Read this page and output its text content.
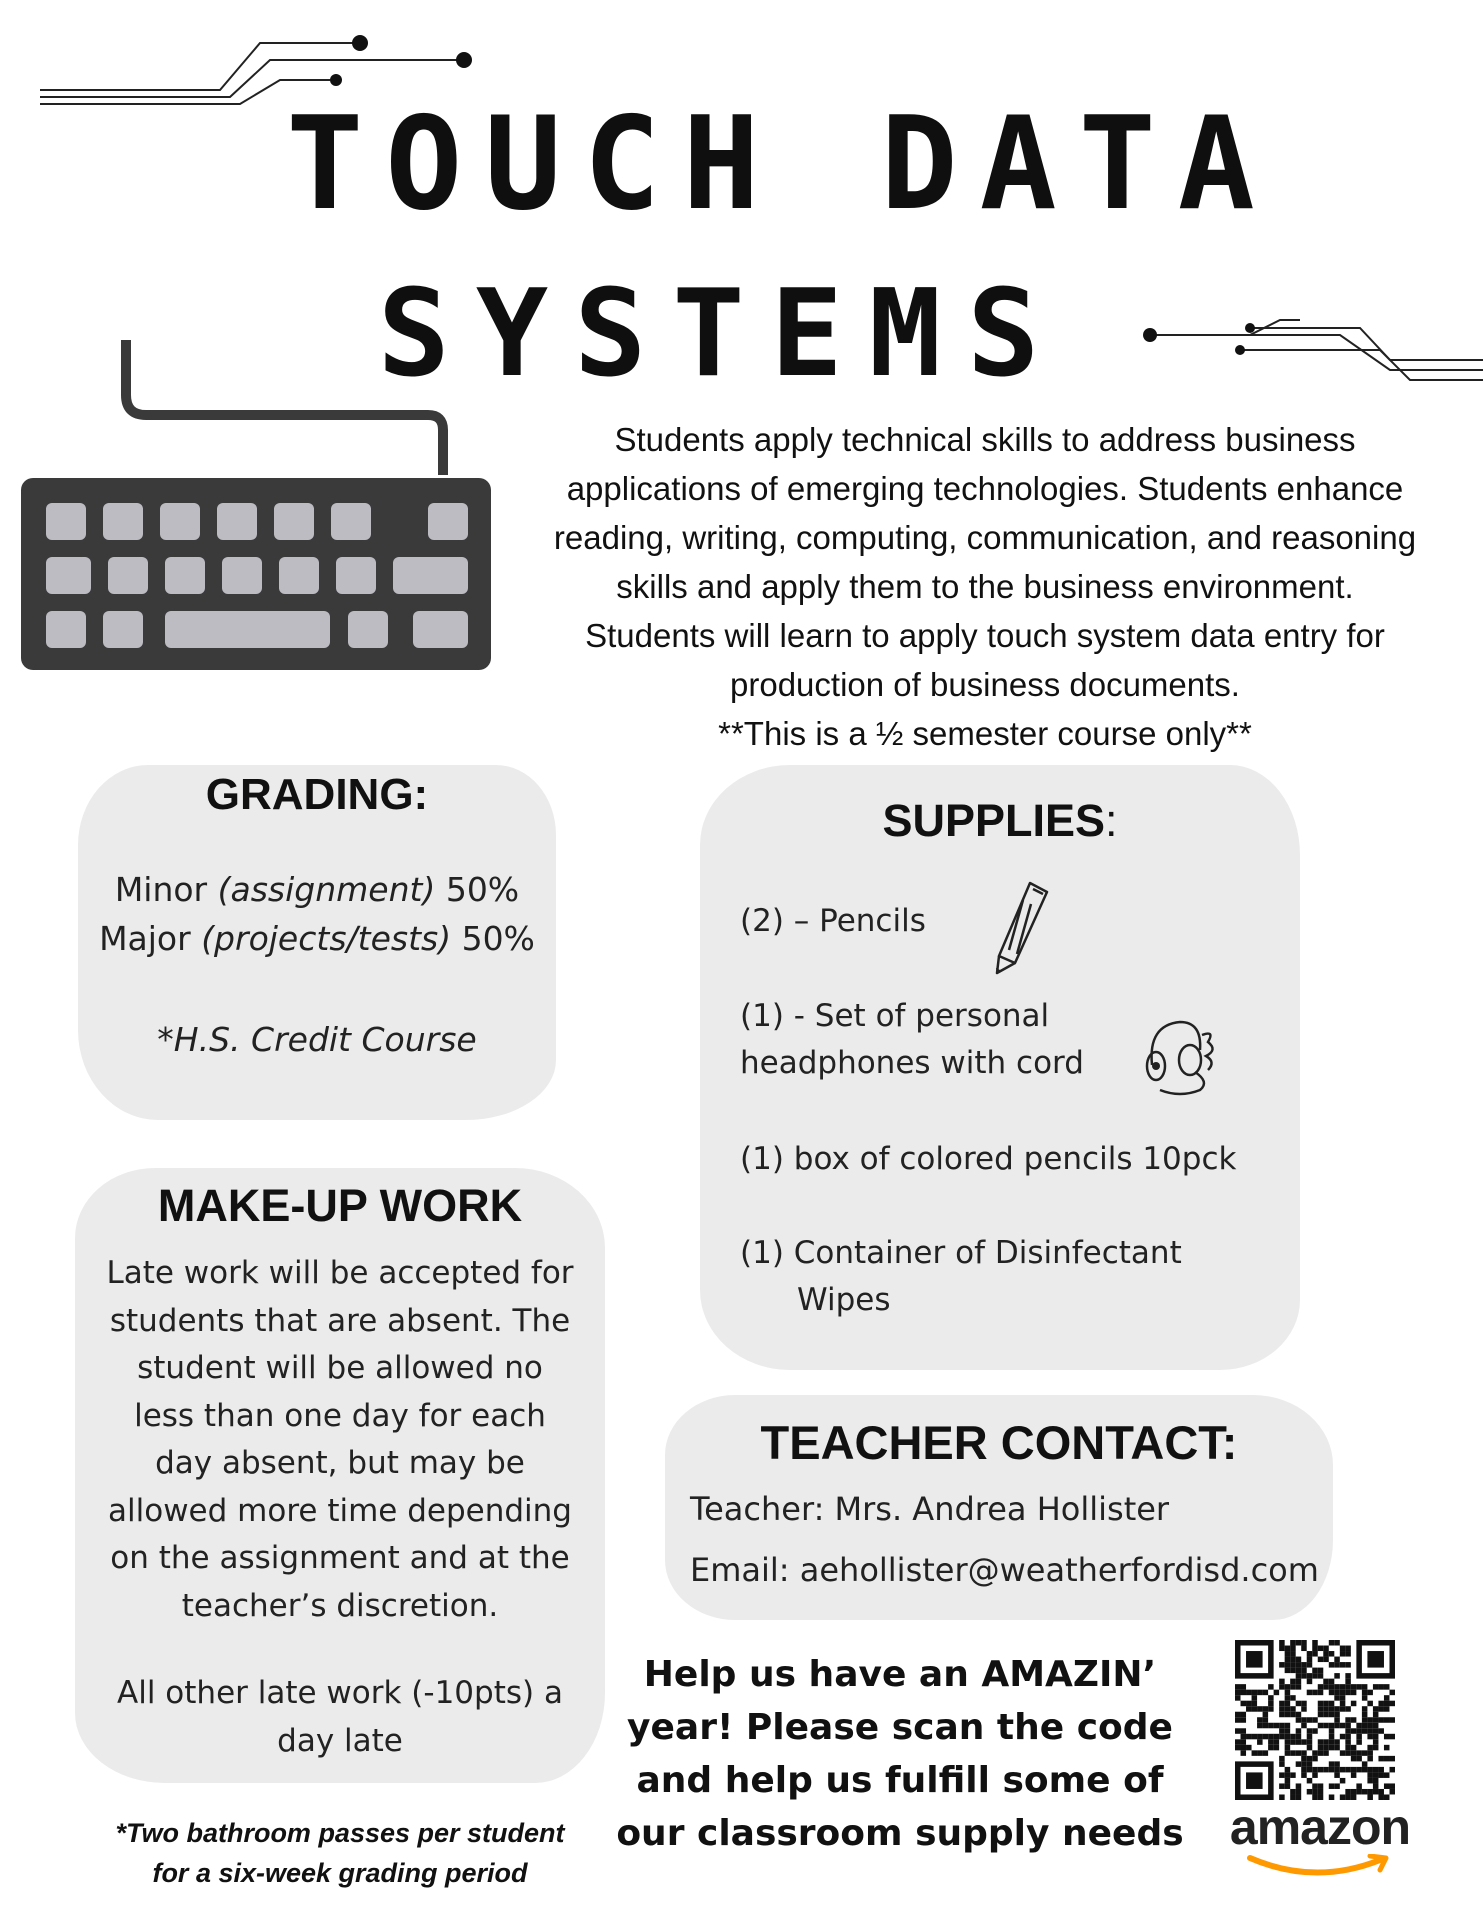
TOUCH DATA
SYSTEMS

Students apply technical skills to address business

applications of emerging technologies. Students enhance

reading, writing, computing, communication, and reasoning

skills and apply them to the business environment.

Students will learn to apply touch system data entry for

production of business documents.

**This is a ½ semester course only**

GRADING:
Minor (assignment) 50%
Major (projects/tests) 50%
*H.S. Credit Course
MAKE-UP WORK
Late work will be accepted for
students that are absent. The
student will be allowed no
less than one day for each
day absent, but may be
allowed more time depending
on the assignment and at the
teacher’s discretion.
All other late work (-10pts) a
day late
*Two bathroom passes per student
for a six-week grading period
SUPPLIES:
(2) – Pencils
(1) - Set of personal
headphones with cord
(1) box of colored pencils 10pck
(1) Container of Disinfectant
Wipes
TEACHER CONTACT:
Teacher: Mrs. Andrea Hollister
Email: aehollister@weatherfordisd.com
Help us have an AMAZIN’
year! Please scan the code
and help us fulfill some of
our classroom supply needs amazon
